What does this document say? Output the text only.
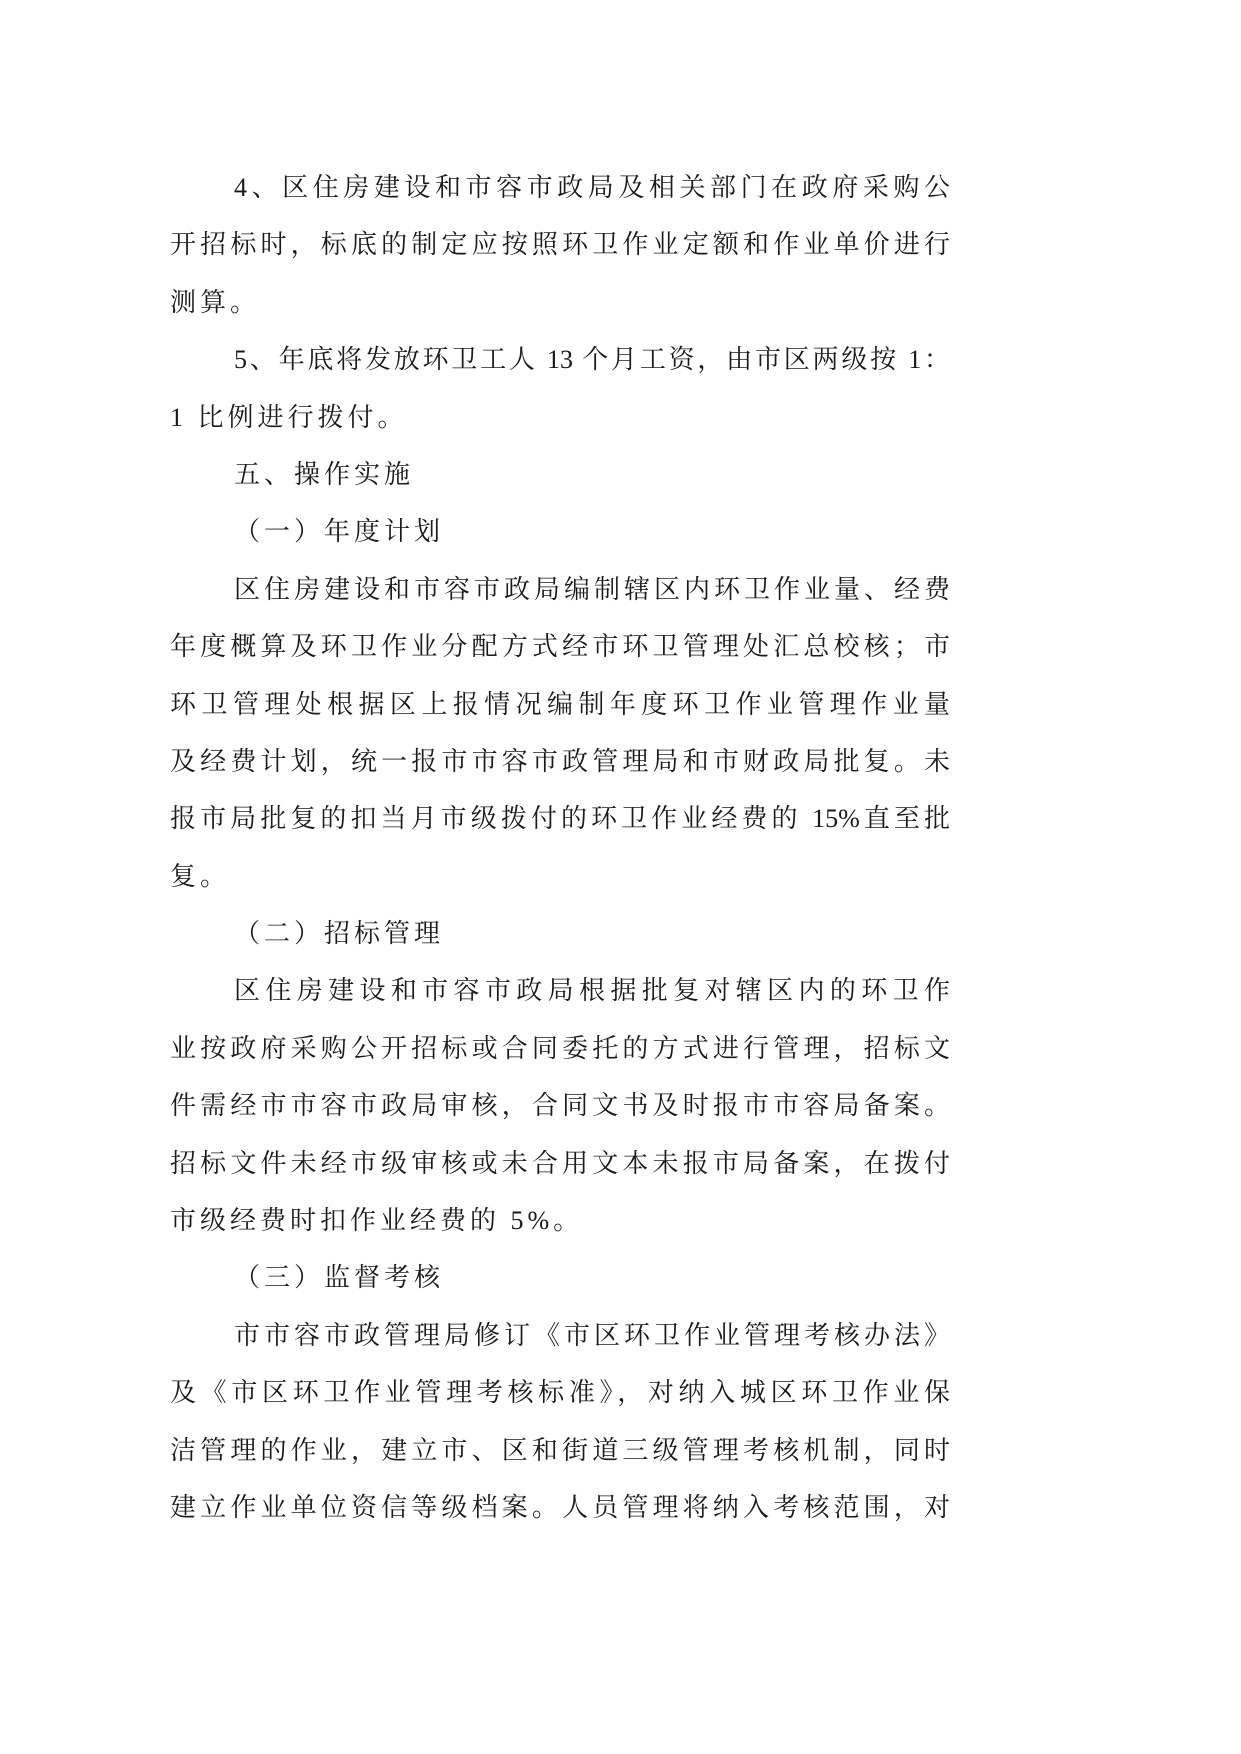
4、区住房建设和市容市政局及相关部门在政府采购公
开招标时，标底的制定应按照环卫作业定额和作业单价进行
测算。
5、年底将发放环卫工人 13 个月工资，由市区两级按 1：
1 比例进行拨付。
五、操作实施
（一）年度计划
区住房建设和市容市政局编制辖区内环卫作业量、经费
年度概算及环卫作业分配方式经市环卫管理处汇总校核；市
环卫管理处根据区上报情况编制年度环卫作业管理作业量
及经费计划，统一报市市容市政管理局和市财政局批复。未
报市局批复的扣当月市级拨付的环卫作业经费的 15%直至批
复。
（二）招标管理
区住房建设和市容市政局根据批复对辖区内的环卫作
业按政府采购公开招标或合同委托的方式进行管理，招标文
件需经市市容市政局审核，合同文书及时报市市容局备案。
招标文件未经市级审核或未合用文本未报市局备案，在拨付
市级经费时扣作业经费的 5%。
（三）监督考核
市市容市政管理局修订《市区环卫作业管理考核办法》
及《市区环卫作业管理考核标准》，对纳入城区环卫作业保
洁管理的作业，建立市、区和街道三级管理考核机制，同时
建立作业单位资信等级档案。人员管理将纳入考核范围，对
